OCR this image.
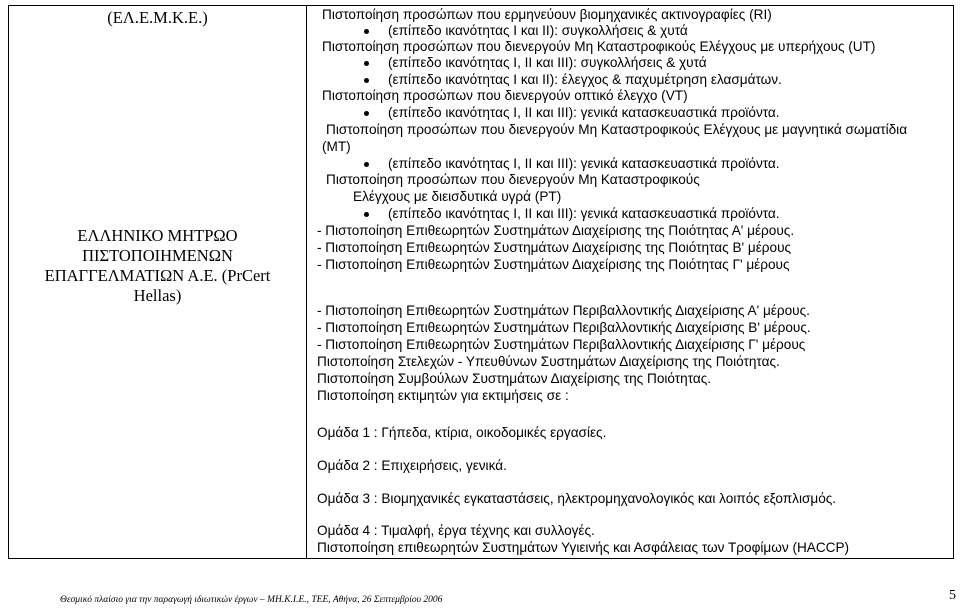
(ΕΛ.Ε.Μ.Κ.Ε.)
ΕΛΛΗΝΙΚΟ ΜΗΤΡΩΟ
ΠΙΣΤΟΠΟΙΗΜΕΝΩΝ
ΕΠΑΓΓΕΛΜΑΤΙΩΝ Α.Ε. (PrCert
Hellas)
Πιστοποίηση προσώπων που ερμηνεύουν βιομηχανικές ακτινογραφίες (RI)
(επίπεδο ικανότητας I και II): συγκολλήσεις & χυτά
Πιστοποίηση προσώπων που διενεργούν Μη Καταστροφικούς Ελέγχους με υπερήχους (UT)
(επίπεδο ικανότητας I, II και III): συγκολλήσεις & χυτά
(επίπεδο ικανότητας I και II): έλεγχος & παχυμέτρηση ελασμάτων.
Πιστοποίηση προσώπων που διενεργούν οπτικό έλεγχο (VT)
(επίπεδο ικανότητας I, II και III): γενικά κατασκευαστικά προϊόντα.
Πιστοποίηση προσώπων που διενεργούν Μη Καταστροφικούς Ελέγχους με μαγνητικά σωματίδια
(MT)
(επίπεδο ικανότητας I, II και III): γενικά κατασκευαστικά προϊόντα.
Πιστοποίηση προσώπων που διενεργούν Μη Καταστροφικούς
Ελέγχους με διεισδυτικά υγρά (PT)
(επίπεδο ικανότητας I, II και III): γενικά κατασκευαστικά προϊόντα.
- Πιστοποίηση Επιθεωρητών Συστημάτων Διαχείρισης της Ποιότητας Α' μέρους.
- Πιστοποίηση Επιθεωρητών Συστημάτων Διαχείρισης της Ποιότητας Β' μέρους
- Πιστοποίηση Επιθεωρητών Συστημάτων Διαχείρισης της Ποιότητας Γ' μέρους
- Πιστοποίηση Επιθεωρητών Συστημάτων Περιβαλλοντικής Διαχείρισης Α' μέρους.
- Πιστοποίηση Επιθεωρητών Συστημάτων Περιβαλλοντικής Διαχείρισης Β' μέρους.
- Πιστοποίηση Επιθεωρητών Συστημάτων Περιβαλλοντικής Διαχείρισης Γ' μέρους
Πιστοποίηση Στελεχών - Υπευθύνων Συστημάτων Διαχείρισης της Ποιότητας.
Πιστοποίηση Συμβούλων Συστημάτων Διαχείρισης της Ποιότητας.
Πιστοποίηση εκτιμητών για εκτιμήσεις σε :
Ομάδα 1 : Γήπεδα, κτίρια, οικοδομικές εργασίες.
Ομάδα 2 : Επιχειρήσεις, γενικά.
Ομάδα 3 : Βιομηχανικές εγκαταστάσεις, ηλεκτρομηχανολογικός και λοιπός εξοπλισμός.
Ομάδα 4 : Τιμαλφή, έργα τέχνης και συλλογές.
Πιστοποίηση επιθεωρητών Συστημάτων Υγιεινής και Ασφάλειας των Τροφίμων (HACCP)
Θεσμικό πλαίσιο για την παραγωγή ιδιωτικών έργων – ΜΗ.Κ.Ι.Ε., ΤΕΕ, Αθήνα, 26 Σεπτεμβρίου 2006	5
